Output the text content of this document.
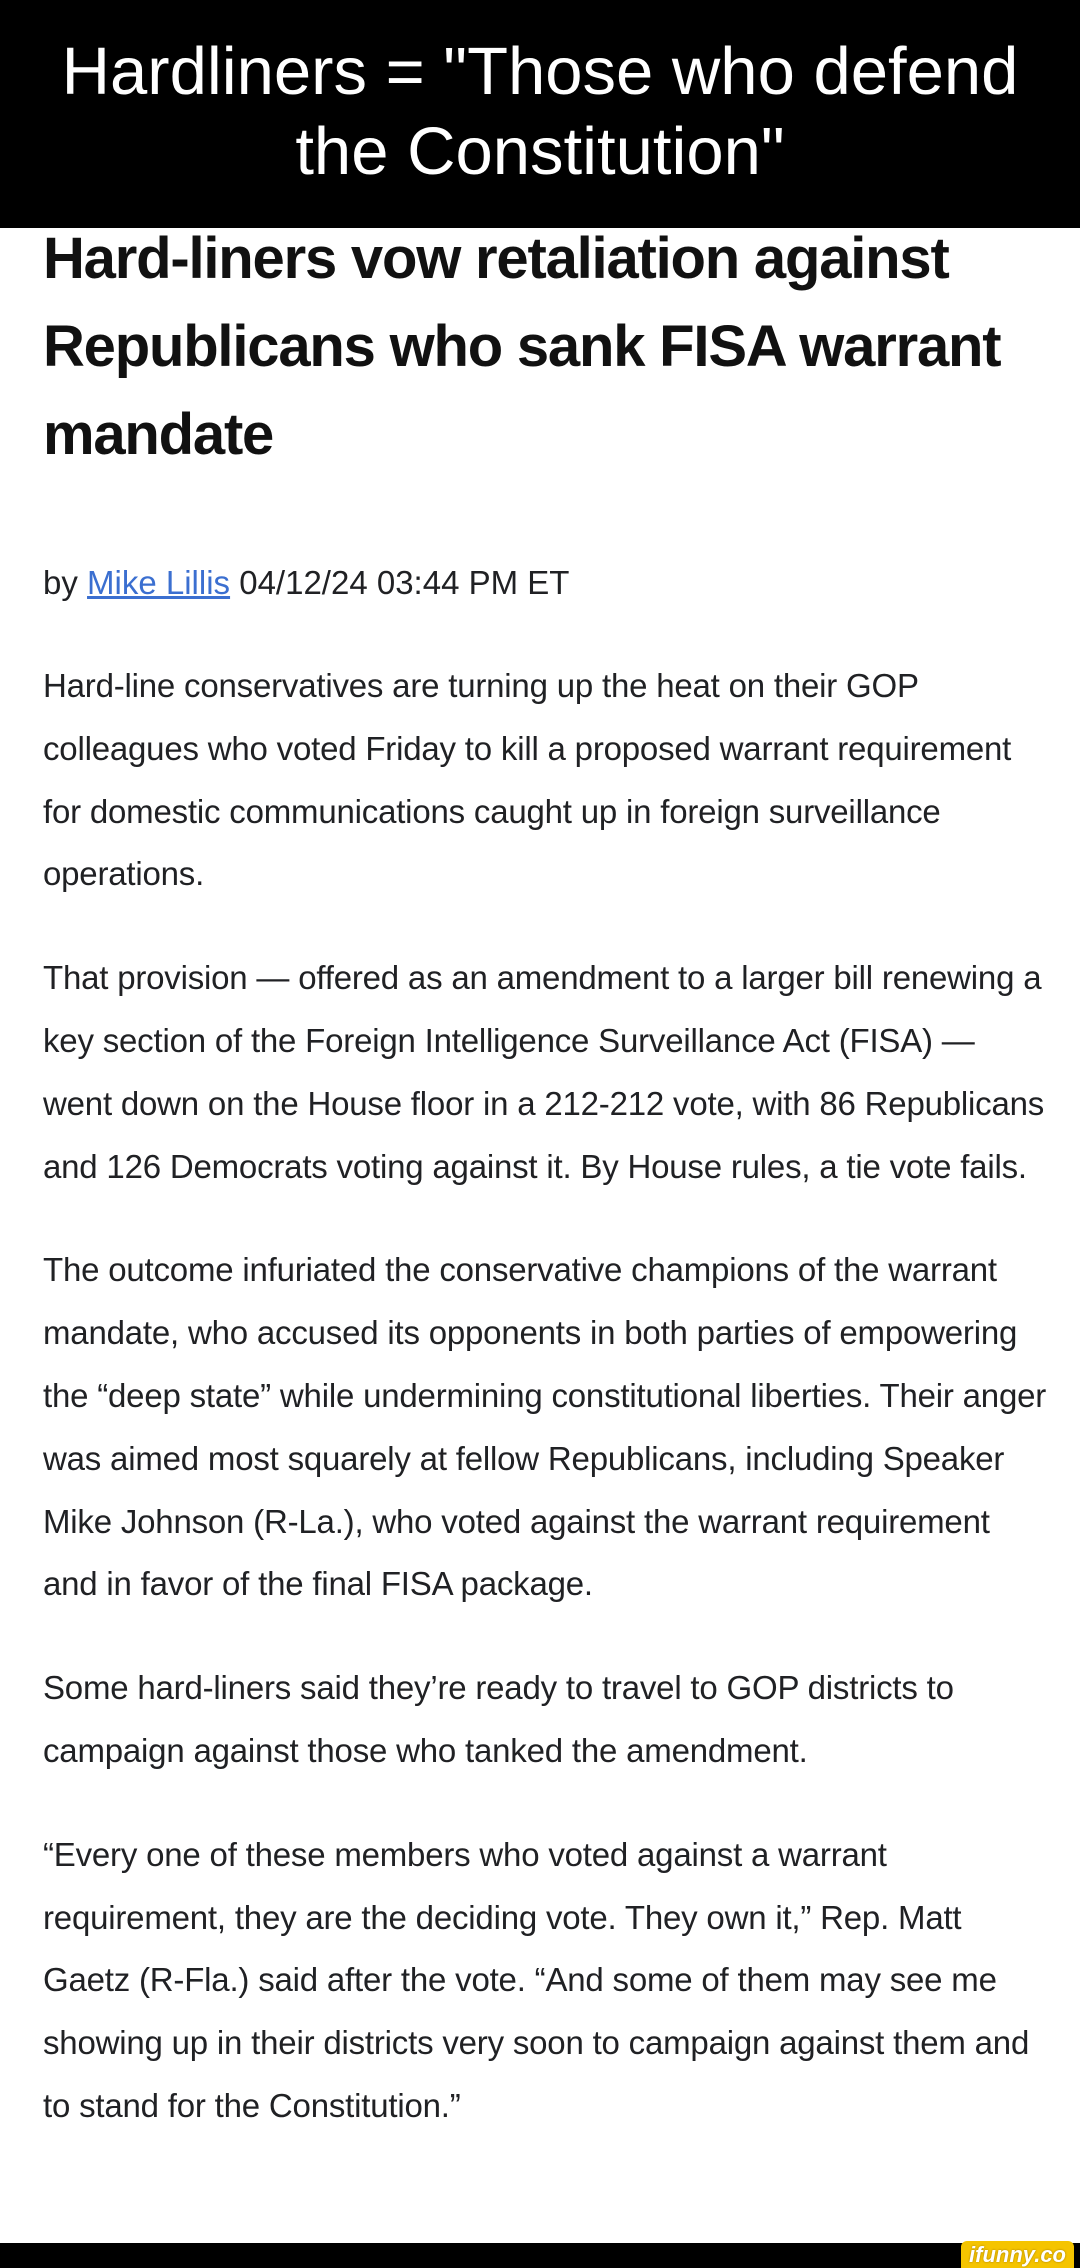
Hardliners = "Those who defend
the Constitution"
Hard-liners vow retaliation against Republicans who sank FISA warrant mandate
by Mike Lillis 04/12/24 03:44 PM ET

Hard-line conservatives are turning up the heat on their GOP colleagues who voted Friday to kill a proposed warrant requirement for domestic communications caught up in foreign surveillance operations.

That provision — offered as an amendment to a larger bill renewing a key section of the Foreign Intelligence Surveillance Act (FISA) — went down on the House floor in a 212-212 vote, with 86 Republicans and 126 Democrats voting against it. By House rules, a tie vote fails.

The outcome infuriated the conservative champions of the warrant mandate, who accused its opponents in both parties of empowering the “deep state” while undermining constitutional liberties. Their anger was aimed most squarely at fellow Republicans, including Speaker Mike Johnson (R-La.), who voted against the warrant requirement and in favor of the final FISA package.

Some hard-liners said they’re ready to travel to GOP districts to campaign against those who tanked the amendment.

“Every one of these members who voted against a warrant requirement, they are the deciding vote. They own it,” Rep. Matt Gaetz (R-Fla.) said after the vote. “And some of them may see me showing up in their districts very soon to campaign against them and to stand for the Constitution.”

ifunny.co
